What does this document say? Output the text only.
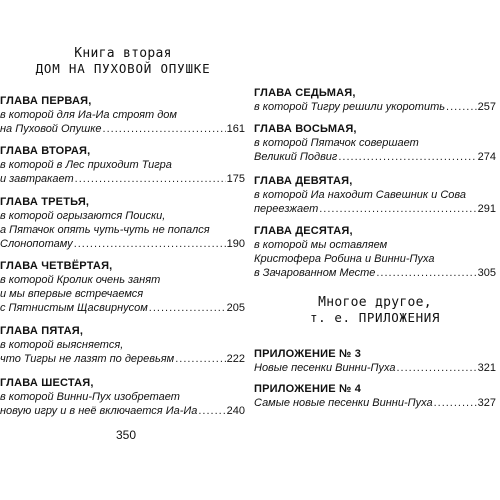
Книга вторая
ДОМ НА ПУХОВОЙ ОПУШКЕ
ГЛАВА ПЕРВАЯ,
в которой для Иа-Иа строят дом
на Пуховой Опушке .....	161
ГЛАВА ВТОРАЯ,
в которой в Лес приходит Тигра
и завтракает .....	175
ГЛАВА ТРЕТЬЯ,
в которой огрызаются Поиски,
а Пятачок опять чуть-чуть не попался
Слонопотаму .....	190
ГЛАВА ЧЕТВЁРТАЯ,
в которой Кролик очень занят
и мы впервые встречаемся
с Пятнистым Щасвирнусом .....	205
ГЛАВА ПЯТАЯ,
в которой выясняется,
что Тигры не лазят по деревьям .....	222
ГЛАВА ШЕСТАЯ,
в которой Винни-Пух изобретает
новую игру и в неё включается Иа-Иа .....	240
ГЛАВА СЕДЬМАЯ,
в которой Тигру решили укоротить .....	257
ГЛАВА ВОСЬМАЯ,
в которой Пятачок совершает
Великий Подвиг .....	274
ГЛАВА ДЕВЯТАЯ,
в которой Иа находит Савешник и Сова
переезжает .....	291
ГЛАВА ДЕСЯТАЯ,
в которой мы оставляем
Кристофера Робина и Винни-Пуха
в Зачарованном Месте .....	305
ПРИЛОЖЕНИЕ № 3
Новые песенки Винни-Пуха .....	321
ПРИЛОЖЕНИЕ № 4
Самые новые песенки Винни-Пуха .....	327
Многое другое,
т. е. ПРИЛОЖЕНИЯ
350
